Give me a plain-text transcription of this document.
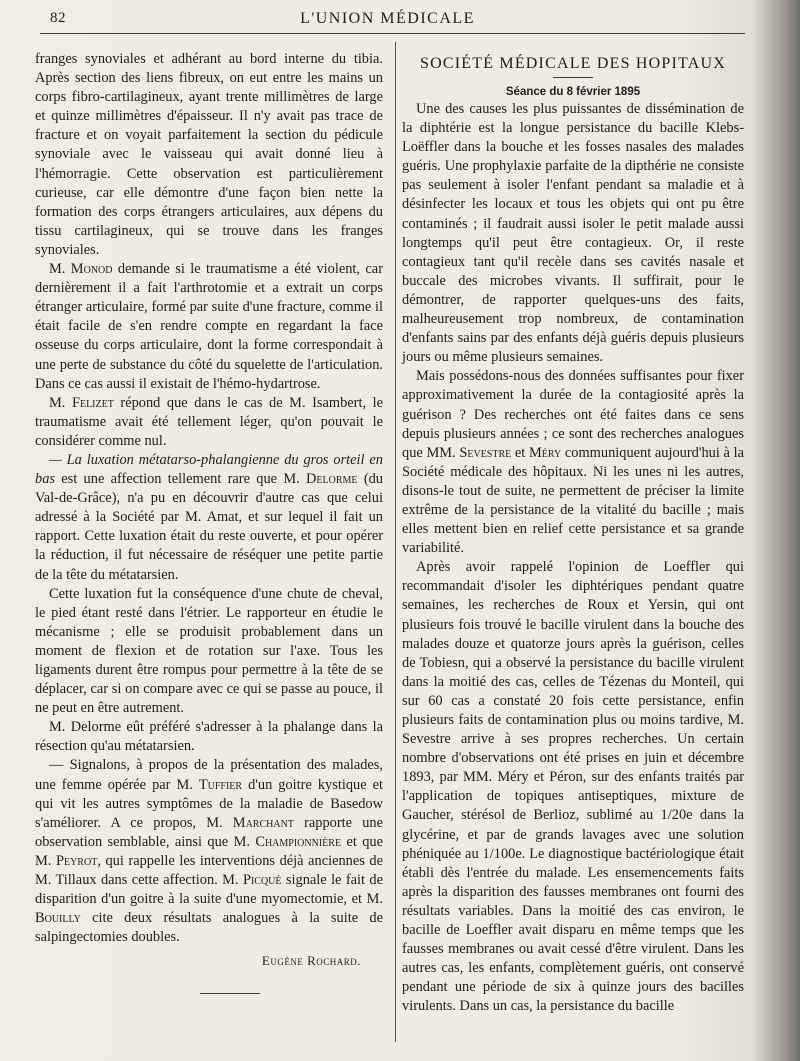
82	L'UNION MÉDICALE

franges synoviales et adhérant au bord interne du tibia. Après section des liens fibreux, on eut entre les mains un corps fibro-cartilagineux, ayant trente millimètres de large et quinze millimètres d'épaisseur. Il n'y avait pas trace de fracture et on voyait parfaitement la section du pédicule synoviale avec le vaisseau qui avait donné lieu à l'hémorragie. Cette observation est particulièrement curieuse, car elle démontre d'une façon bien nette la formation des corps étrangers articulaires, aux dépens du tissu cartilagineux, qui se trouve dans les franges synoviales.

M. Monod demande si le traumatisme a été violent, car dernièrement il a fait l'arthrotomie et a extrait un corps étranger articulaire, formé par suite d'une fracture, comme il était facile de s'en rendre compte en regardant la face osseuse du corps articulaire, dont la forme correspondait à une perte de substance du côté du squelette de l'articulation. Dans ce cas aussi il existait de l'hémo-hydartrose.

M. Felizet répond que dans le cas de M. Isambert, le traumatisme avait été tellement léger, qu'on pouvait le considérer comme nul.

— La luxation métatarso-phalangienne du gros orteil en bas est une affection tellement rare que M. Delorme (du Val-de-Grâce), n'a pu en découvrir d'autre cas que celui adressé à la Société par M. Amat, et sur lequel il fait un rapport. Cette luxation était du reste ouverte, et pour opérer la réduction, il fut nécessaire de réséquer une petite partie de la tête du métatarsien.

Cette luxation fut la conséquence d'une chute de cheval, le pied étant resté dans l'étrier. Le rapporteur en étudie le mécanisme ; elle se produisit probablement dans un moment de flexion et de rotation sur l'axe. Tous les ligaments durent être rompus pour permettre à la tête de se déplacer, car si on compare avec ce qui se passe au pouce, il ne peut en être autrement.

M. Delorme eût préféré s'adresser à la phalange dans la résection qu'au métatarsien.

— Signalons, à propos de la présentation des malades, une femme opérée par M. Tuffier d'un goitre kystique et qui vit les autres symptômes de la maladie de Basedow s'améliorer. A ce propos, M. Marchant rapporte une observation semblable, ainsi que M. Championnière et que M. Peyrot, qui rappelle les interventions déjà anciennes de M. Tillaux dans cette affection. M. Picqué signale le fait de disparition d'un goitre à la suite d'une myomectomie, et M. Bouilly cite deux résultats analogues à la suite de salpingectomies doubles.

Eugène Rochard.

SOCIÉTÉ MÉDICALE DES HOPITAUX

Séance du 8 février 1895

Une des causes les plus puissantes de dissémination de la diphtérie est la longue persistance du bacille Klebs-Loëffler dans la bouche et les fosses nasales des malades guéris. Une prophylaxie parfaite de la dipthérie ne consiste pas seulement à isoler l'enfant pendant sa maladie et à désinfecter les locaux et tous les objets qui ont pu être contaminés ; il faudrait aussi isoler le petit malade aussi longtemps qu'il peut être contagieux. Or, il reste contagieux tant qu'il recèle dans ses cavités nasale et buccale des microbes vivants. Il suffirait, pour le démontrer, de rapporter quelques-uns des faits, malheureusement trop nombreux, de contamination d'enfants sains par des enfants déjà guéris depuis plusieurs jours ou même plusieurs semaines.

Mais possédons-nous des données suffisantes pour fixer approximativement la durée de la contagiosité après la guérison ? Des recherches ont été faites dans ce sens depuis plusieurs années ; ce sont des recherches analogues que MM. Sevestre et Méry communiquent aujourd'hui à la Société médicale des hôpitaux. Ni les unes ni les autres, disons-le tout de suite, ne permettent de préciser la limite extrême de la persistance de la vitalité du bacille ; mais elles mettent bien en relief cette persistance et sa grande variabilité.

Après avoir rappelé l'opinion de Loeffler qui recommandait d'isoler les diphtériques pendant quatre semaines, les recherches de Roux et Yersin, qui ont plusieurs fois trouvé le bacille virulent dans la bouche des malades douze et quatorze jours après la guérison, celles de Tobiesn, qui a observé la persistance du bacille virulent dans la moitié des cas, celles de Tézenas du Monteil, qui sur 60 cas a constaté 20 fois cette persistance, enfin plusieurs faits de contamination plus ou moins tardive, M. Sevestre arrive à ses propres recherches. Un certain nombre d'observations ont été prises en juin et décembre 1893, par MM. Méry et Péron, sur des enfants traités par l'application de topiques antiseptiques, mixture de Gaucher, stérésol de Berlioz, sublimé au 1/20e dans la glycérine, et par de grands lavages avec une solution phéniquée au 1/100e. Le diagnostique bactériologique était établi dès l'entrée du malade. Les ensemencements faits après la disparition des fausses membranes ont fourni des résultats variables. Dans la moitié des cas environ, le bacille de Loeffler avait disparu en même temps que les fausses membranes ou avait cessé d'être virulent. Dans les autres cas, les enfants, complètement guéris, ont conservé pendant une période de six à quinze jours des bacilles virulents. Dans un cas, la persistance du bacille
